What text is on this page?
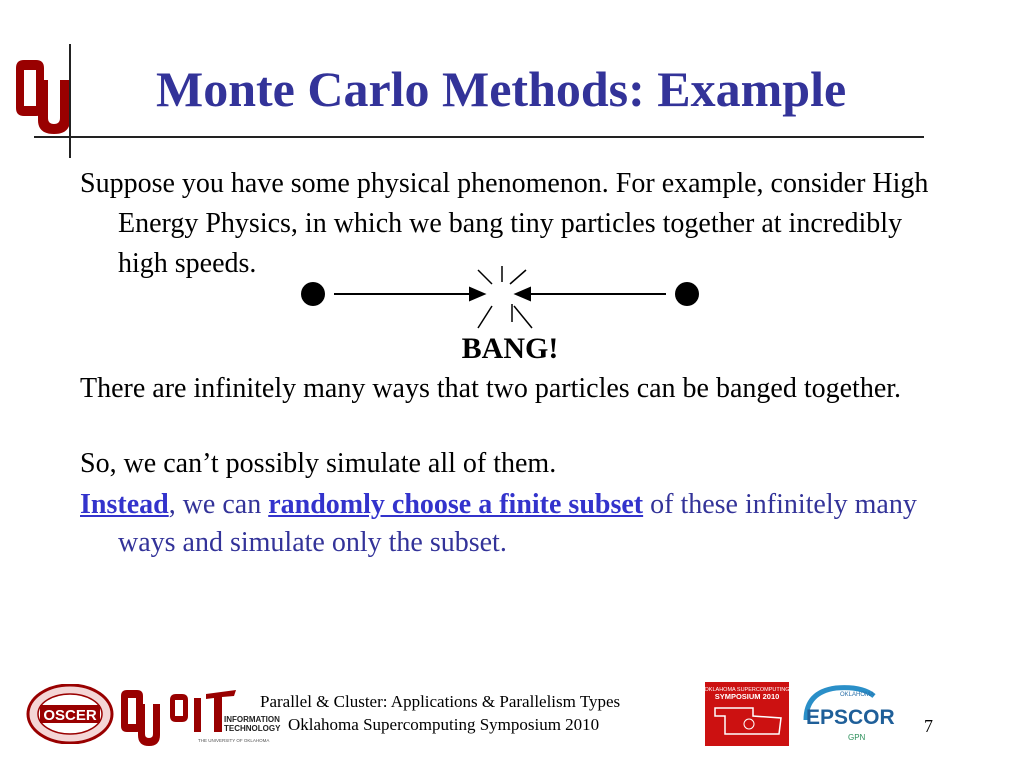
Monte Carlo Methods: Example
Suppose you have some physical phenomenon. For example, consider High Energy Physics, in which we bang tiny particles together at incredibly high speeds.
BANG!
There are infinitely many ways that two particles can be banged together.
So, we can’t possibly simulate all of them.
Instead, we can randomly choose a finite subset of these infinitely many ways and simulate only the subset.
OSCER	INFORMATION
TECHNOLOGY
THE UNIVERSITY OF OKLAHOMA
Parallel & Cluster: Applications & Parallelism Types
Oklahoma Supercomputing Symposium 2010
OKLAHOMA SUPERCOMPUTING
SYMPOSIUM 2010	OKLAHOMA
EPSCOR
GPN
7
